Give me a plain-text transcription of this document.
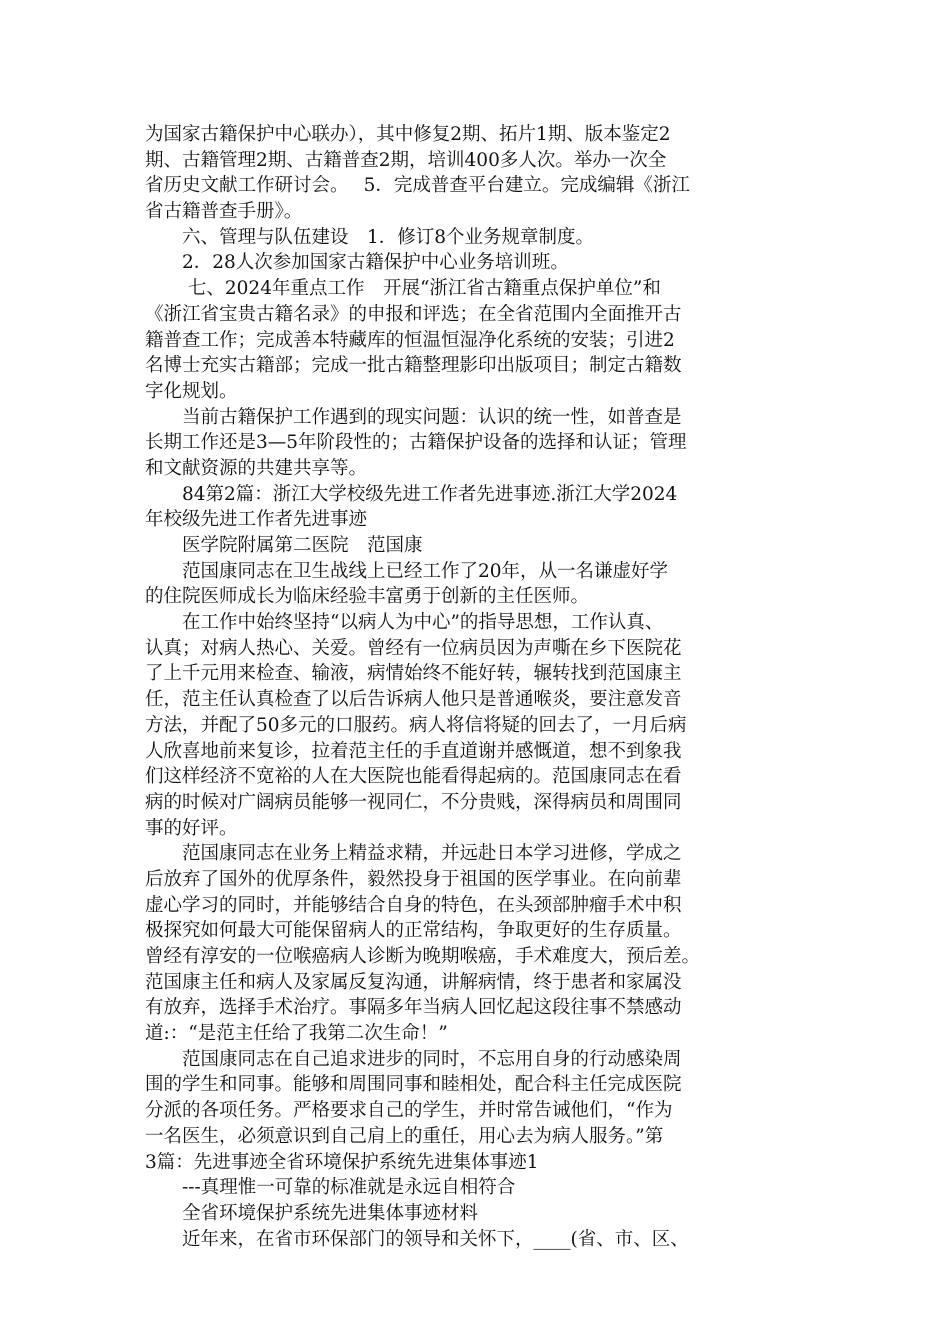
为国家古籍保护中心联办），其中修复2期、拓片1期、版本鉴定2
期、古籍管理2期、古籍普查2期，培训400多人次。举办一次全
省历史文献工作研讨会。　 5．完成普查平台建立。完成编辑《浙江
省古籍普查手册》。
　　六、管理与队伍建设　1．修订8个业务规章制度。
　　2．28人次参加国家古籍保护中心业务培训班。
　　 七、2024年重点工作　开展“浙江省古籍重点保护单位”和
《浙江省宝贵古籍名录》的申报和评选；在全省范围内全面推开古
籍普查工作；完成善本特藏库的恒温恒湿净化系统的安装；引进2
名博士充实古籍部；完成一批古籍整理影印出版项目；制定古籍数
字化规划。
　　当前古籍保护工作遇到的现实问题：认识的统一性，如普查是
长期工作还是3—5年阶段性的；古籍保护设备的选择和认证；管理
和文献资源的共建共享等。
　　84第2篇：浙江大学校级先进工作者先进事迹.浙江大学2024
年校级先进工作者先进事迹
　　医学院附属第二医院　范国康
　　范国康同志在卫生战线上已经工作了20年，从一名谦虚好学
的住院医师成长为临床经验丰富勇于创新的主任医师。
　　在工作中始终坚持“以病人为中心”的指导思想，工作认真、
认真；对病人热心、关爱。曾经有一位病员因为声嘶在乡下医院花
了上千元用来检查、输液，病情始终不能好转，辗转找到范国康主
任，范主任认真检查了以后告诉病人他只是普通喉炎，要注意发音
方法，并配了50多元的口服药。病人将信将疑的回去了，一月后病
人欣喜地前来复诊，拉着范主任的手直道谢并感慨道，想不到象我
们这样经济不宽裕的人在大医院也能看得起病的。范国康同志在看
病的时候对广阔病员能够一视同仁，不分贵贱，深得病员和周围同
事的好评。
　　范国康同志在业务上精益求精，并远赴日本学习进修，学成之
后放弃了国外的优厚条件，毅然投身于祖国的医学事业。在向前辈
虚心学习的同时，并能够结合自身的特色，在头颈部肿瘤手术中积
极探究如何最大可能保留病人的正常结构，争取更好的生存质量。
曾经有淳安的一位喉癌病人诊断为晚期喉癌，手术难度大，预后差。
范国康主任和病人及家属反复沟通，讲解病情，终于患者和家属没
有放弃，选择手术治疗。事隔多年当病人回忆起这段往事不禁感动
道:：“是范主任给了我第二次生命！”
　　范国康同志在自己追求进步的同时，不忘用自身的行动感染周
围的学生和同事。能够和周围同事和睦相处，配合科主任完成医院
分派的各项任务。严格要求自己的学生，并时常告诫他们，“作为
一名医生，必须意识到自己肩上的重任，用心去为病人服务。”第
3篇：先进事迹全省环境保护系统先进集体事迹1
　　---真理惟一可靠的标准就是永远自相符合
　　全省环境保护系统先进集体事迹材料
　　近年来，在省市环保部门的领导和关怀下，____(省、市、区、
